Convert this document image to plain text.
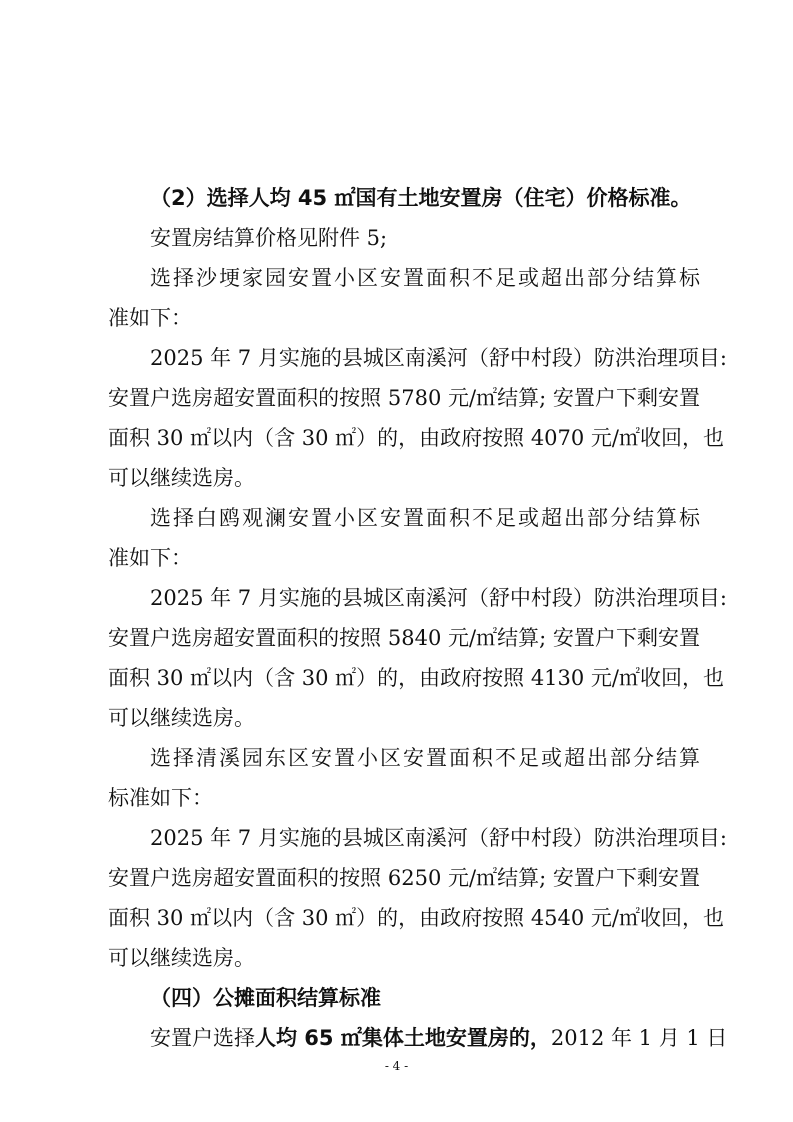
（2）选择人均 45 ㎡国有土地安置房（住宅）价格标准。
安置房结算价格见附件 5;
选择沙埂家园安置小区安置面积不足或超出部分结算标
准如下：
2025 年 7 月实施的县城区南溪河（舒中村段）防洪治理项目:
安置户选房超安置面积的按照 5780 元/㎡结算; 安置户下剩安置
面积 30 ㎡以内（含 30 ㎡）的，由政府按照 4070 元/㎡收回，也
可以继续选房。
选择白鸥观澜安置小区安置面积不足或超出部分结算标
准如下：
2025 年 7 月实施的县城区南溪河（舒中村段）防洪治理项目:
安置户选房超安置面积的按照 5840 元/㎡结算; 安置户下剩安置
面积 30 ㎡以内（含 30 ㎡）的，由政府按照 4130 元/㎡收回，也
可以继续选房。
选择清溪园东区安置小区安置面积不足或超出部分结算
标准如下：
2025 年 7 月实施的县城区南溪河（舒中村段）防洪治理项目:
安置户选房超安置面积的按照 6250 元/㎡结算; 安置户下剩安置
面积 30 ㎡以内（含 30 ㎡）的，由政府按照 4540 元/㎡收回，也
可以继续选房。
（四）公摊面积结算标准
安置户选择人均 65 ㎡集体土地安置房的，2012 年 1 月 1 日
- 4 -
